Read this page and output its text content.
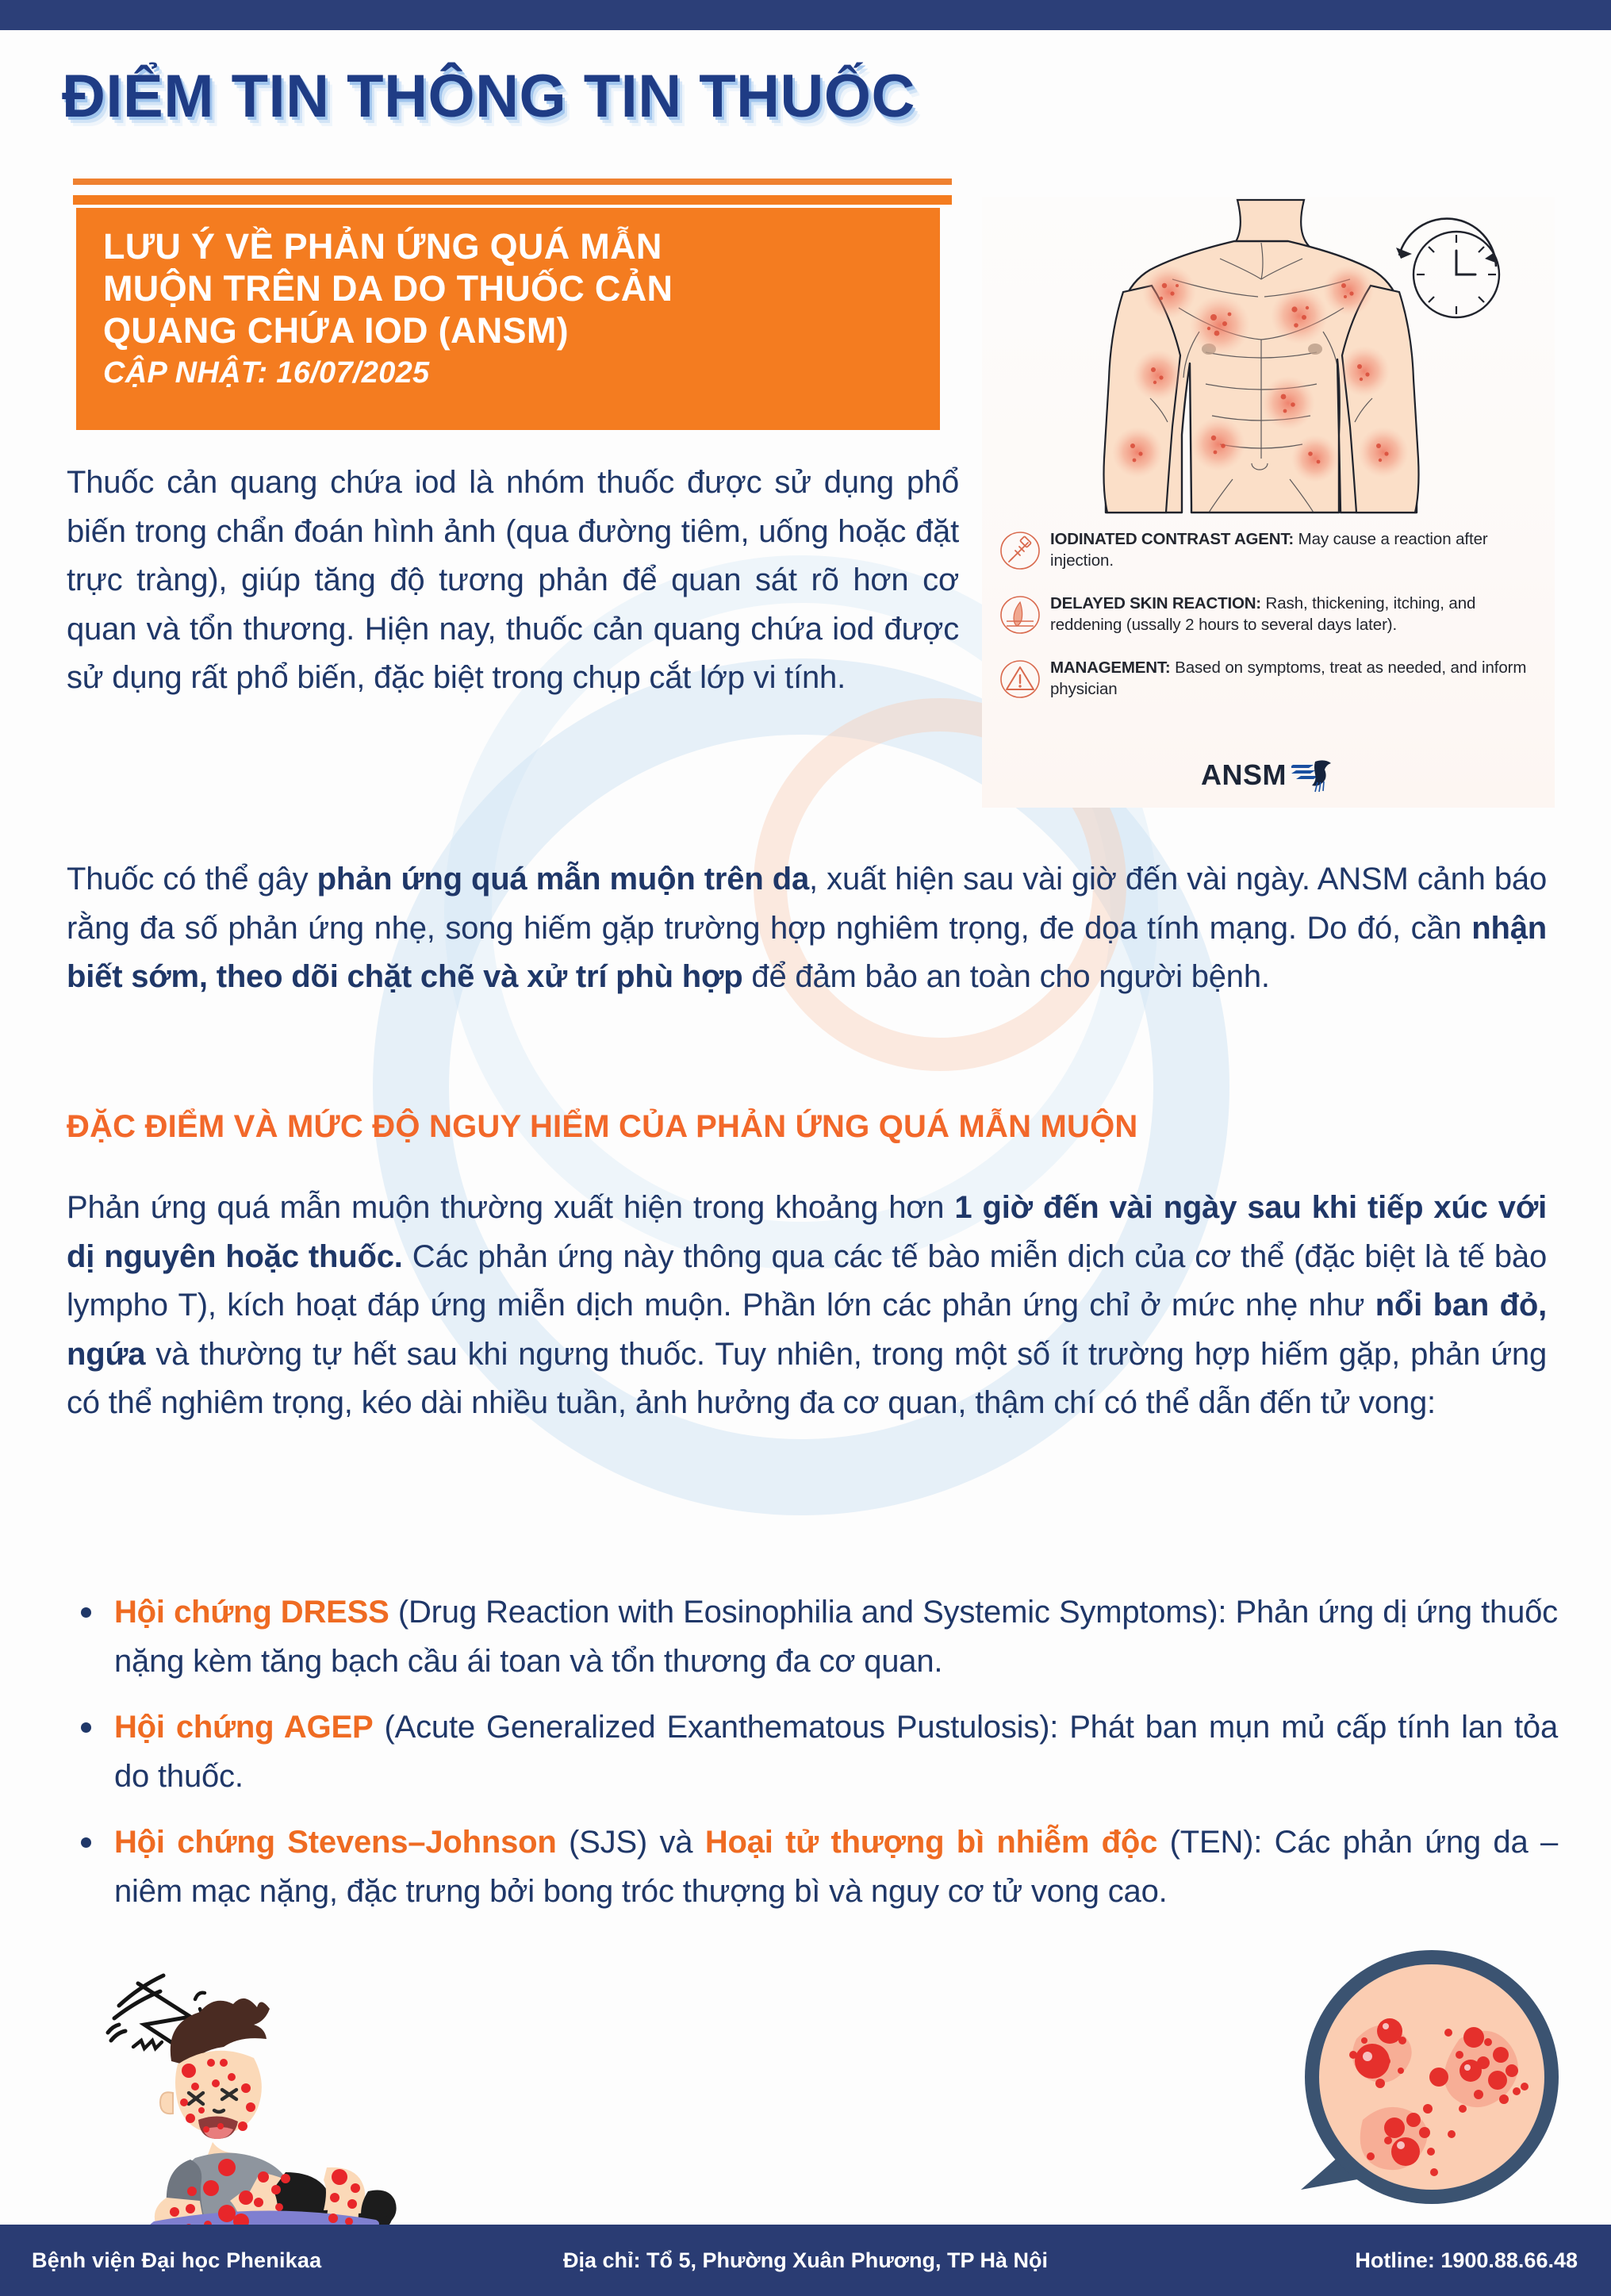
ĐIỂM TIN THÔNG TIN THUỐC
LƯU Ý VỀ PHẢN ỨNG QUÁ MẪN
MUỘN TRÊN DA DO THUỐC CẢN
QUANG CHỨA IOD (ANSM)
CẬP NHẬT: 16/07/2025
IODINATED CONTRAST AGENT: May cause a reaction after injection.
DELAYED SKIN REACTION: Rash, thickening, itching, and reddening (ussally 2 hours to several days later).
MANAGEMENT: Based on symptoms, treat as needed, and inform physician
ANSM

Thuốc cản quang chứa iod là nhóm thuốc được sử dụng phổ biến trong chẩn đoán hình ảnh (qua đường tiêm, uống hoặc đặt trực tràng), giúp tăng độ tương phản để quan sát rõ hơn cơ quan và tổn thương. Hiện nay, thuốc cản quang chứa iod được sử dụng rất phổ biến, đặc biệt trong chụp cắt lớp vi tính.

Thuốc có thể gây phản ứng quá mẫn muộn trên da, xuất hiện sau vài giờ đến vài ngày. ANSM cảnh báo rằng đa số phản ứng nhẹ, song hiếm gặp trường hợp nghiêm trọng, đe dọa tính mạng. Do đó, cần nhận biết sớm, theo dõi chặt chẽ và xử trí phù hợp để đảm bảo an toàn cho người bệnh.

ĐẶC ĐIỂM VÀ MỨC ĐỘ NGUY HIỂM CỦA PHẢN ỨNG QUÁ MẪN MUỘN

Phản ứng quá mẫn muộn thường xuất hiện trong khoảng hơn 1 giờ đến vài ngày sau khi tiếp xúc với dị nguyên hoặc thuốc. Các phản ứng này thông qua các tế bào miễn dịch của cơ thể (đặc biệt là tế bào lympho T), kích hoạt đáp ứng miễn dịch muộn. Phần lớn các phản ứng chỉ ở mức nhẹ như nổi ban đỏ, ngứa và thường tự hết sau khi ngưng thuốc. Tuy nhiên, trong một số ít trường hợp hiếm gặp, phản ứng có thể nghiêm trọng, kéo dài nhiều tuần, ảnh hưởng đa cơ quan, thậm chí có thể dẫn đến tử vong:

Hội chứng DRESS (Drug Reaction with Eosinophilia and Systemic Symptoms): Phản ứng dị ứng thuốc nặng kèm tăng bạch cầu ái toan và tổn thương đa cơ quan.
Hội chứng AGEP (Acute Generalized Exanthematous Pustulosis): Phát ban mụn mủ cấp tính lan tỏa do thuốc.
Hội chứng Stevens–Johnson (SJS) và Hoại tử thượng bì nhiễm độc (TEN): Các phản ứng da – niêm mạc nặng, đặc trưng bởi bong tróc thượng bì và nguy cơ tử vong cao.
Bệnh viện Đại học Phenikaa	Địa chỉ: Tổ 5, Phường Xuân Phương, TP Hà Nội	Hotline: 1900.88.66.48
